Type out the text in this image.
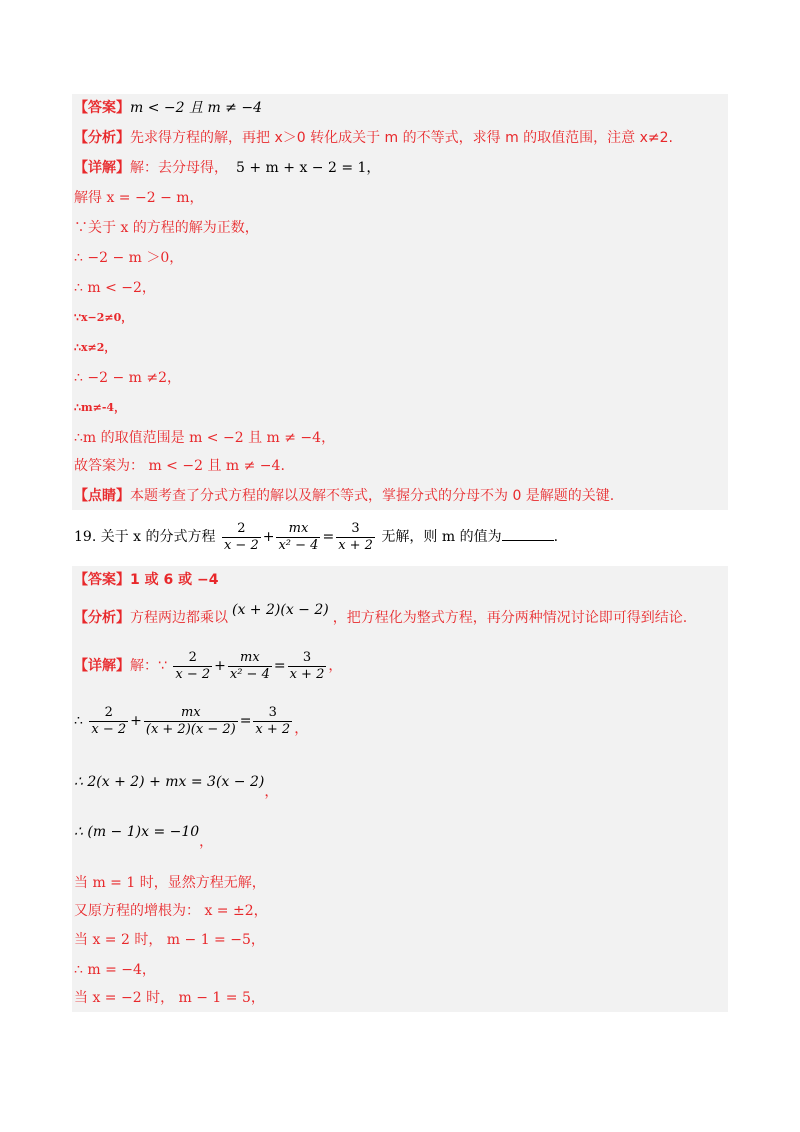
【答案】m < −2 且 m ≠ −4
【分析】先求得方程的解，再把 x＞0 转化成关于 m 的不等式，求得 m 的取值范围，注意 x≠2.
【详解】解：去分母得， 5 + m + x − 2 = 1，
解得 x = −2 − m，
∵关于 x 的方程的解为正数，
∴ −2 − m ＞0，
∴ m < −2，
∵x−2≠0，
∴x≠2，
∴ −2 − m ≠2，
∴m≠-4，
∴m 的取值范围是 m < −2 且 m ≠ −4，
故答案为： m < −2 且 m ≠ −4.
【点睛】本题考查了分式方程的解以及解不等式，掌握分式的分母不为 0 是解题的关键.
19. 关于 x 的分式方程 $\frac{2}{x - 2} + \frac{mx}{\text{x² − 4}} = \frac{3}{x + 2}$ 无解，则 m 的值为	.
【答案】1 或 6 或 −4
【分析】方程两边都乘以 (x + 2)(x − 2) ，把方程化为整式方程，再分两种情况讨论即可得到结论.
【详解】解：∵ $\frac{2}{x - 2} + \frac{mx}{\text{x² − 4}} = \frac{3}{x + 2}$ ，
∴ $\frac{2}{x - 2} + \frac{mx}{(x + 2)(x - 2)} = \frac{3}{x + 2}$ ，
∴ 2(x + 2) + mx = 3(x − 2)，
∴ (m − 1)x = −10，
当 m = 1 时，显然方程无解，
又原方程的增根为： x = ±2，
当 x = 2 时， m − 1 = −5，
∴ m = −4，
当 x = −2 时， m − 1 = 5，
